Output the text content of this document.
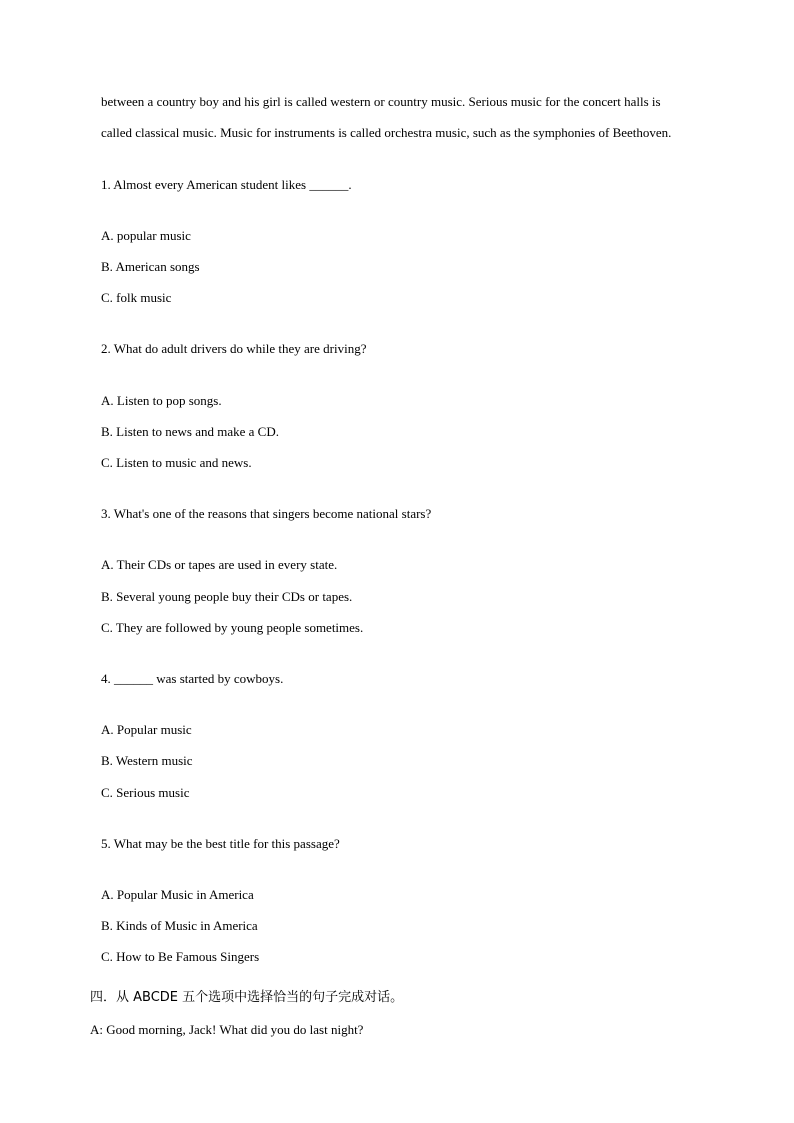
between a country boy and his girl is called western or country music. Serious music for the concert halls is
called classical music. Music for instruments is called orchestra music, such as the symphonies of Beethoven.
1. Almost every American student likes ______.
A. popular music
B. American songs
C. folk music
2. What do adult drivers do while they are driving?
A. Listen to pop songs.
B. Listen to news and make a CD.
C. Listen to music and news.
3. What's one of the reasons that singers become national stars?
A. Their CDs or tapes are used in every state.
B. Several young people buy their CDs or tapes.
C. They are followed by young people sometimes.
4. ______ was started by cowboys.
A. Popular music
B. Western music
C. Serious music
5. What may be the best title for this passage?
A. Popular Music in America
B. Kinds of Music in America
C. How to Be Famous Singers
四．从 ABCDE 五个选项中选择恰当的句子完成对话。
A: Good morning, Jack! What did you do last night?
